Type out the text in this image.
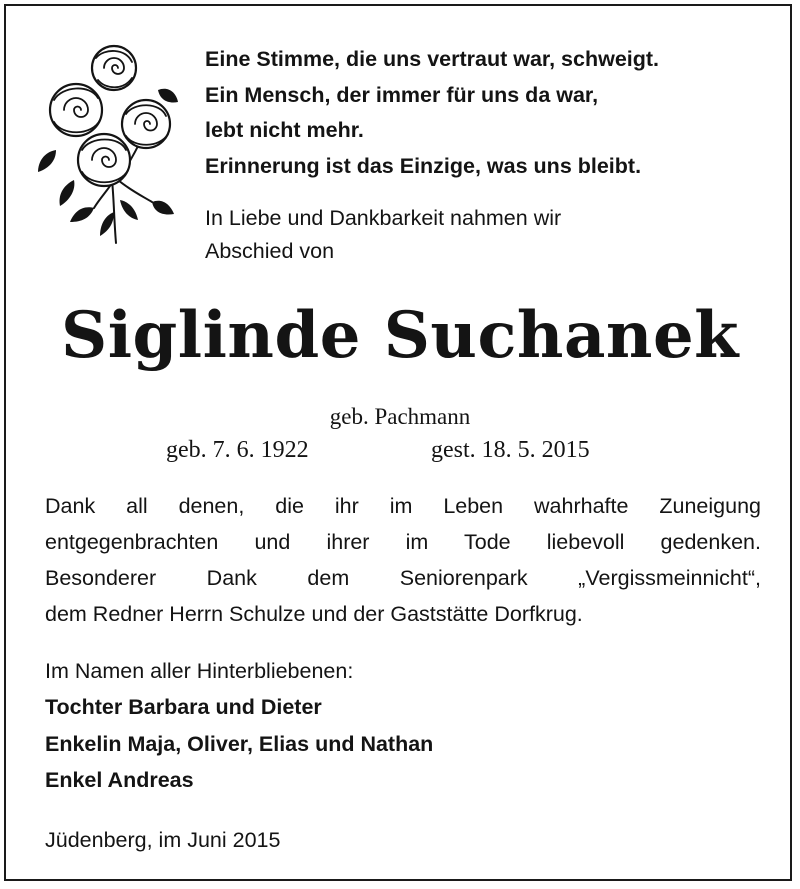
Eine Stimme, die uns vertraut war, schweigt.
Ein Mensch, der immer für uns da war,
lebt nicht mehr.
Erinnerung ist das Einzige, was uns bleibt.
In Liebe und Dankbarkeit nahmen wir
Abschied von
Siglinde Suchanek
geb. Pachmann
geb. 7. 6. 1922	gest. 18. 5. 2015
Dank all denen, die ihr im Leben wahrhafte Zuneigung
entgegenbrachten und ihrer im Tode liebevoll gedenken.
Besonderer Dank dem Seniorenpark „Vergissmeinnicht“,
dem Redner Herrn Schulze und der Gaststätte Dorfkrug.
Im Namen aller Hinterbliebenen:
Tochter Barbara und Dieter
Enkelin Maja, Oliver, Elias und Nathan
Enkel Andreas
Jüdenberg, im Juni 2015
